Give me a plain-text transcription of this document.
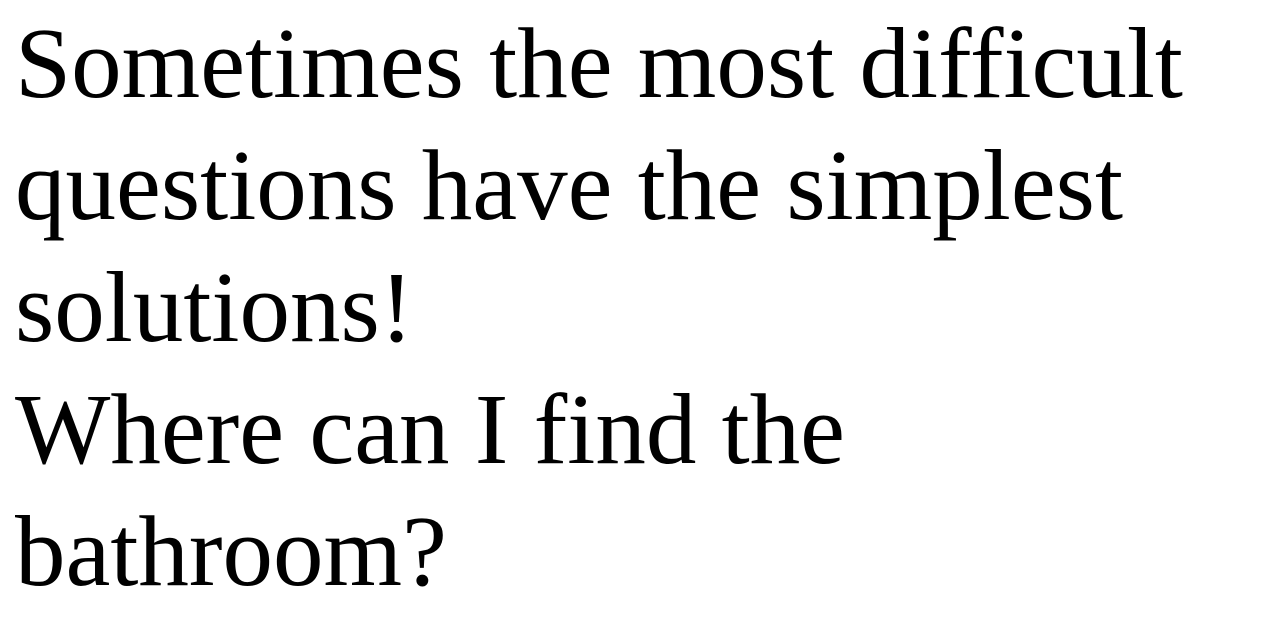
Sometimes the most difficult questions have the simplest solutions!

Where can I find the bathroom?
